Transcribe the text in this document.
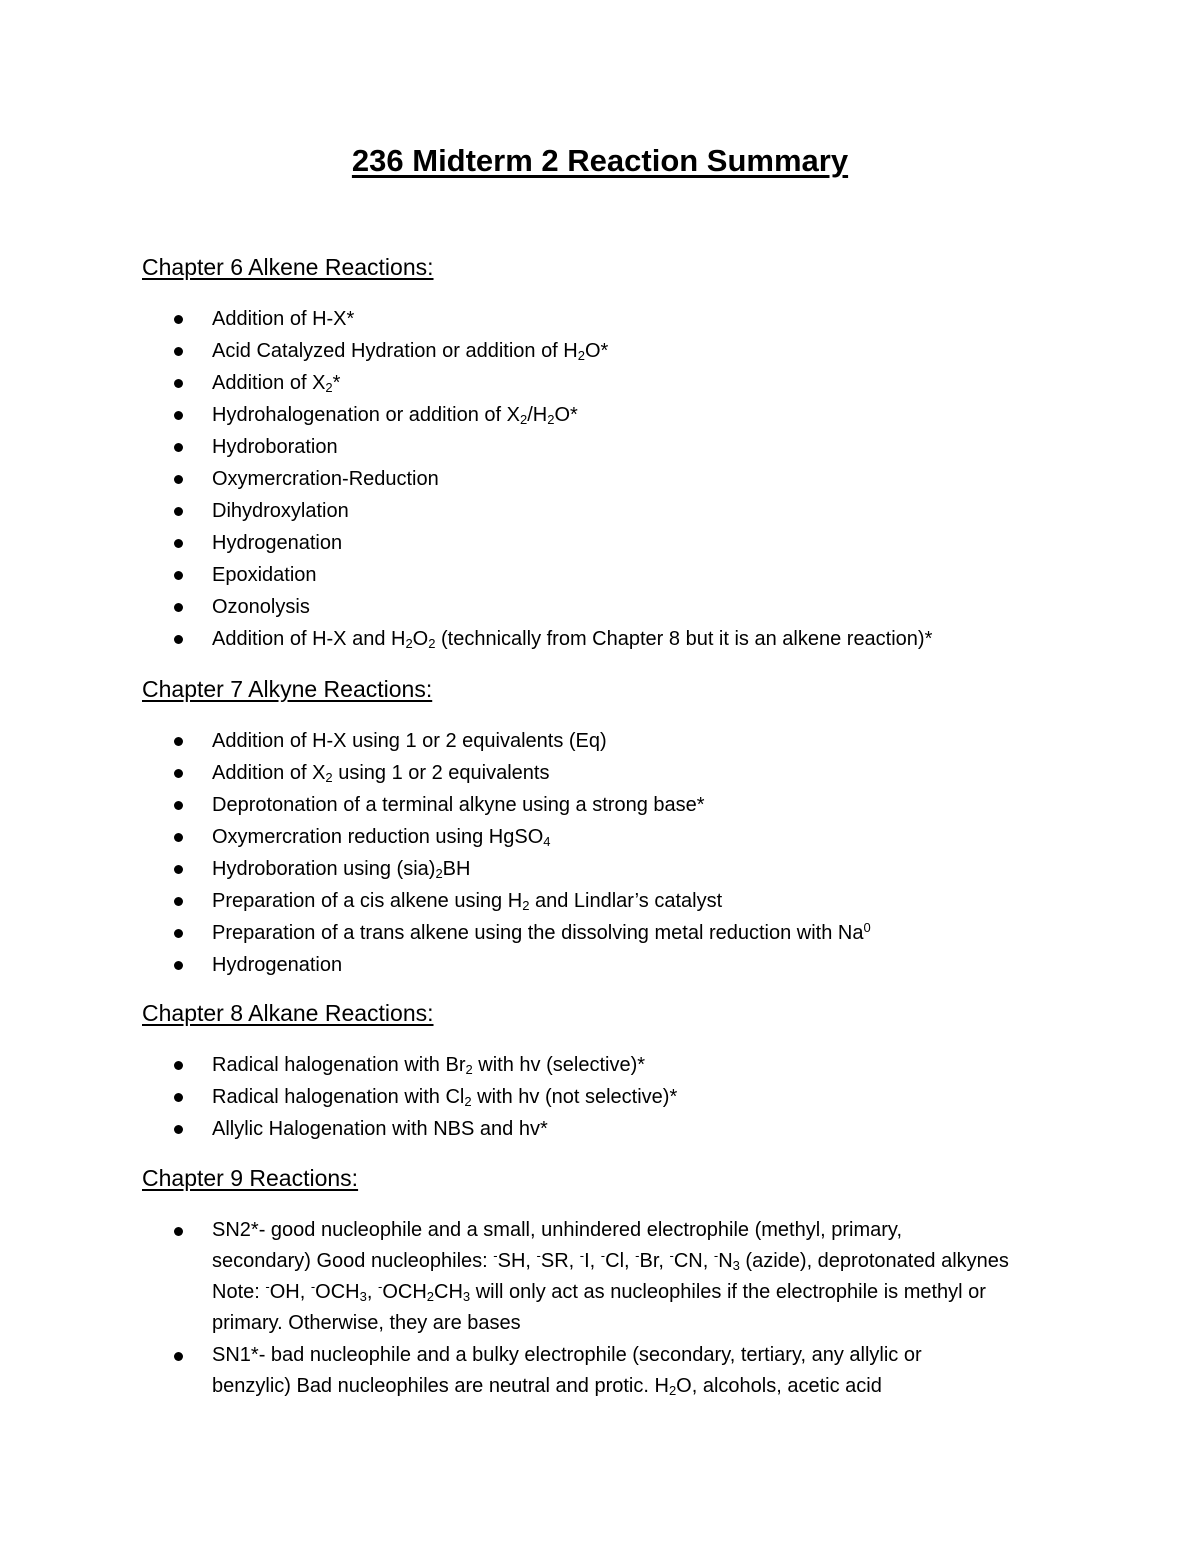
236 Midterm 2 Reaction Summary
Chapter 6 Alkene Reactions:
Addition of H-X*
Acid Catalyzed Hydration or addition of $H_2O*$
Addition of $X_2*$
Hydrohalogenation or addition of $X_2/H_2O*$
Hydroboration
Oxymercration-Reduction
Dihydroxylation
Hydrogenation
Epoxidation
Ozonolysis
Addition of H-X and $H_2O_2$ (technically from Chapter 8 but it is an alkene reaction)*
Chapter 7 Alkyne Reactions:
Addition of H-X using 1 or 2 equivalents (Eq)
Addition of $X_2$ using 1 or 2 equivalents
Deprotonation of a terminal alkyne using a strong base*
Oxymercration reduction using HgSO$_4$
Hydroboration using $(sia)_2BH$
Preparation of a cis alkene using $H_2$ and Lindlar’s catalyst
Preparation of a trans alkene using the dissolving metal reduction with Na$^0$
Hydrogenation
Chapter 8 Alkane Reactions:
Radical halogenation with $Br_2$ with hv (selective)*
Radical halogenation with $Cl_2$ with hv (not selective)*
Allylic Halogenation with NBS and hv*
Chapter 9 Reactions:
SN2*- good nucleophile and a small, unhindered electrophile (methyl, primary,
secondary) Good nucleophiles: -SH, -SR, -I, -Cl, -Br, -CN, $^-N_3$ (azide), deprotonated alkynes
Note: -OH, $^-OCH_3$, $^-OCH_2CH_3$ will only act as nucleophiles if the electrophile is methyl or
primary. Otherwise, they are bases
SN1*- bad nucleophile and a bulky electrophile (secondary, tertiary, any allylic or
benzylic) Bad nucleophiles are neutral and protic. $H_2O$, alcohols, acetic acid
